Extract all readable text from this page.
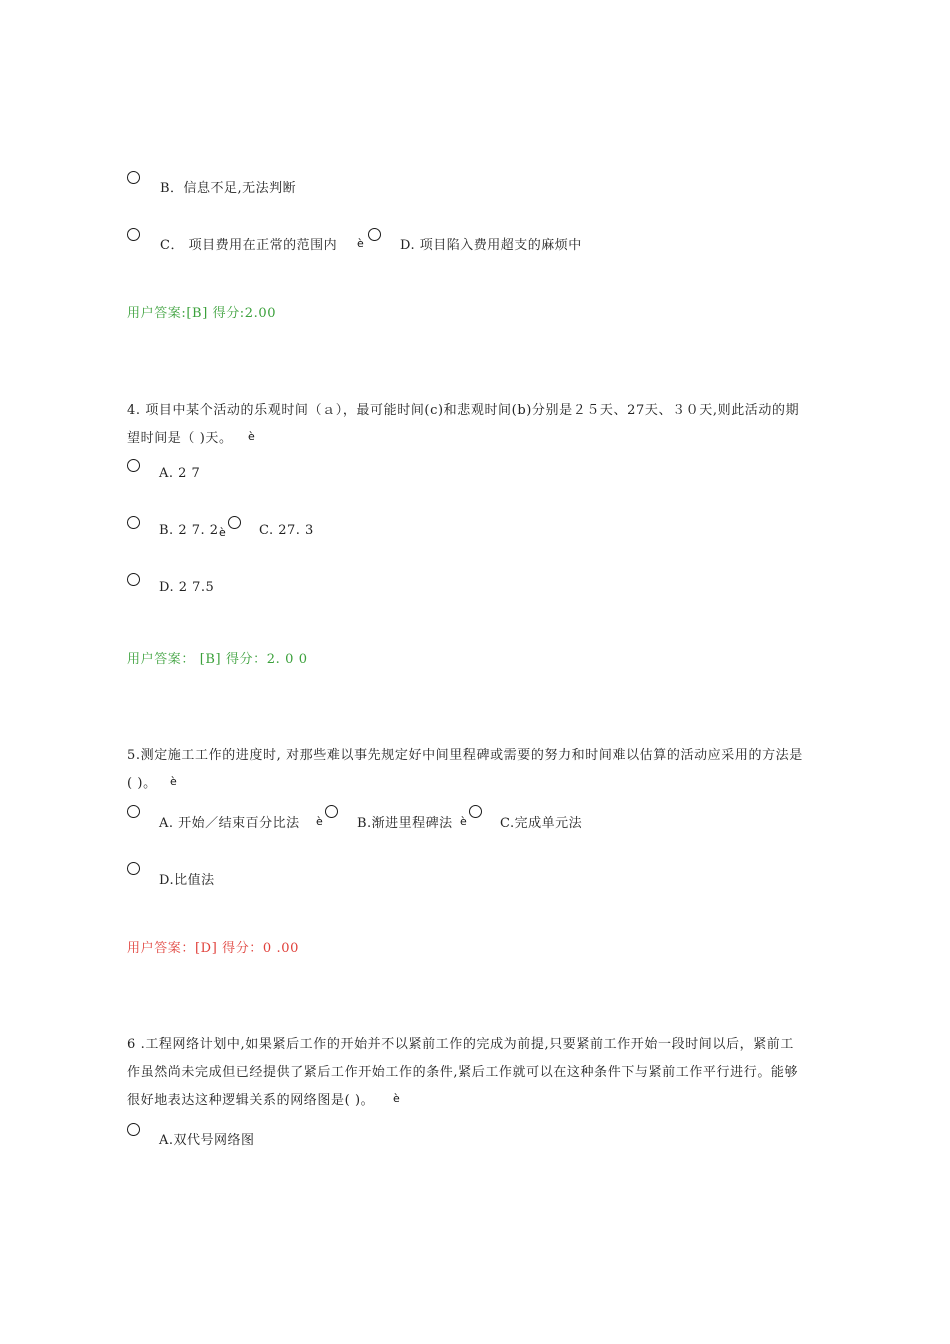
B．信息不足,无法判断
C． 项目费用在正常的范围内 ѐ	D. 项目陷入费用超支的麻烦中
用户答案:[B] 得分:2.00
4. 项目中某个活动的乐观时间（ａ），最可能时间(c)和悲观时间(b)分别是２５天、27天、３０天,则此活动的期
望时间是（ )天。 ѐ
A. 2 7
B. 2 7. 2 ѐ	C. 27. 3
D. 2 7.5
用户答案： [B] 得分：2. 0 0
5.测定施工工作的进度时, 对那些难以事先规定好中间里程碑或需要的努力和时间难以估算的活动应采用的方法是
( )。 ѐ
A. 开始／结束百分比法 ѐ	B.渐进里程碑法 ѐ	C.完成单元法
D.比值法
用户答案：[D] 得分：0 .00
6 .工程网络计划中,如果紧后工作的开始并不以紧前工作的完成为前提,只要紧前工作开始一段时间以后，紧前工
作虽然尚未完成但已经提供了紧后工作开始工作的条件,紧后工作就可以在这种条件下与紧前工作平行进行。能够
很好地表达这种逻辑关系的网络图是( )。 ѐ
A.双代号网络图
